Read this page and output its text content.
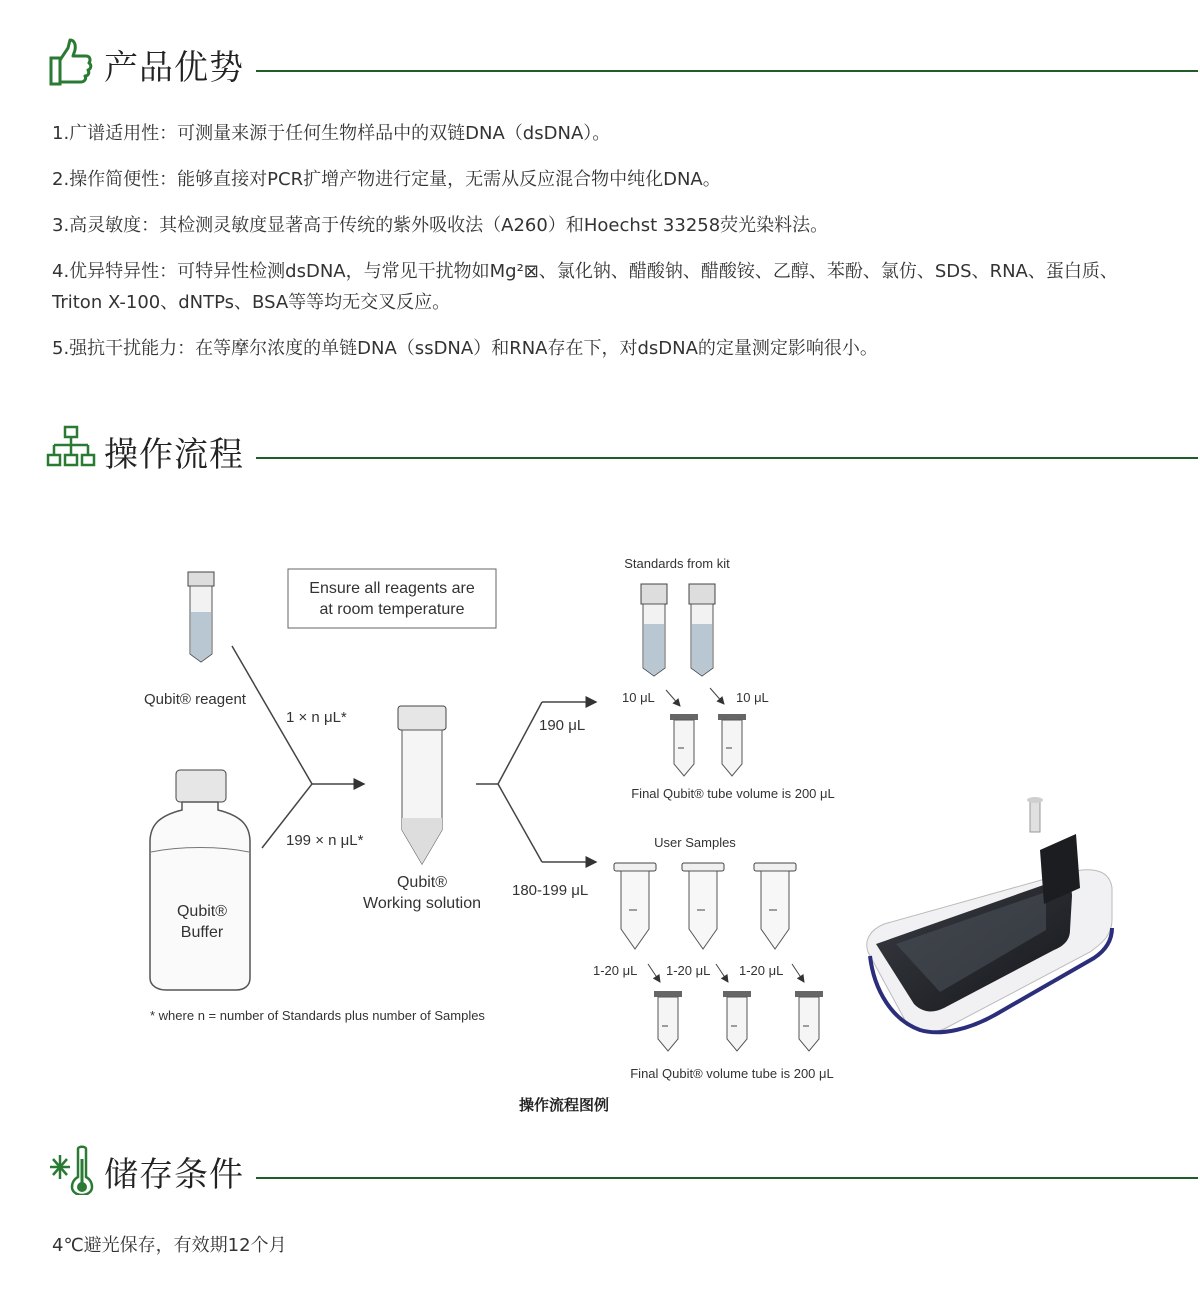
产品优势
1.广谱适用性：可测量来源于任何生物样品中的双链DNA（dsDNA）。
2.操作简便性：能够直接对PCR扩增产物进行定量，无需从反应混合物中纯化DNA。
3.高灵敏度：其检测灵敏度显著高于传统的紫外吸收法（A260）和Hoechst 33258荧光染料法。
4.优异特异性：可特异性检测dsDNA，与常见干扰物如Mg²⊠、氯化钠、醋酸钠、醋酸铵、乙醇、苯酚、氯仿、SDS、RNA、蛋白质、Triton X-100、dNTPs、BSA等等均无交叉反应。
5.强抗干扰能力：在等摩尔浓度的单链DNA（ssDNA）和RNA存在下，对dsDNA的定量测定影响很小。
操作流程
Qubit® reagent
Ensure all reagents are
at room temperature
Qubit®
Buffer
1 × n μL*
199 × n μL*
Qubit®
Working solution
190 μL
180-199 μL
Standards from kit
10 μL	10 μL
Final Qubit® tube volume is 200 μL
User Samples
1-20 μL 1-20 μL 1-20 μL
Final Qubit® volume tube is 200 μL
* where n = number of Standards plus number of Samples
操作流程图例
储存条件
4℃避光保存，有效期12个月
